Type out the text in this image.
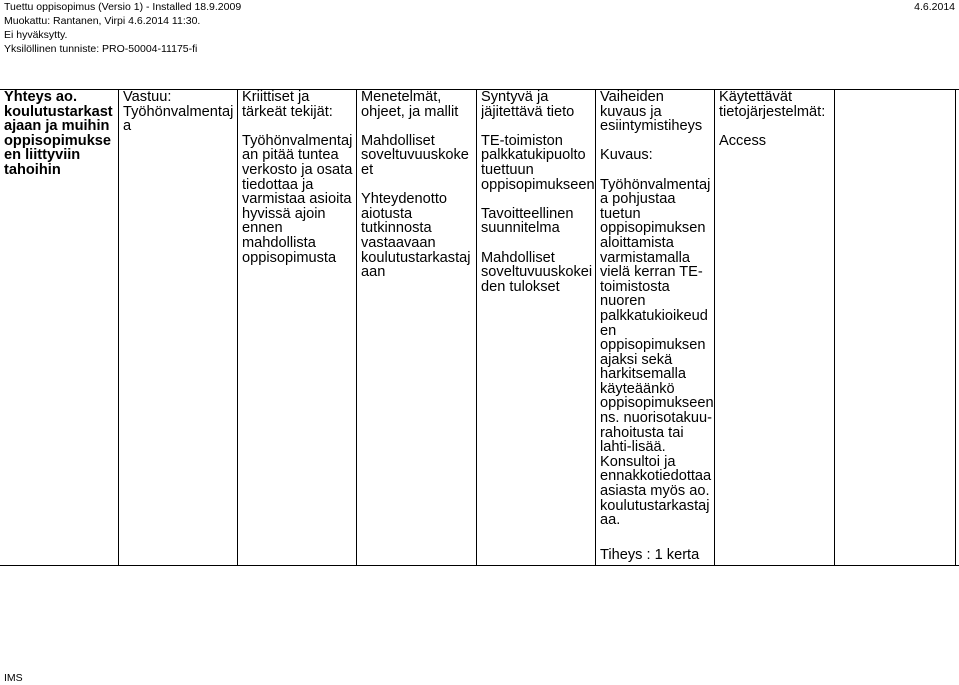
Tuettu oppisopimus (Versio 1) - Installed 18.9.2009
Muokattu: Rantanen, Virpi 4.6.2014 11:30.
Ei hyväksytty.
Yksilöllinen tunniste: PRO-50004-11175-fi
4.6.2014
Yhteys ao.
koulutustarkast
ajaan ja muihin
oppisopimukse
en liittyviin
tahoihin
Vastuu:
Työhönvalmentaj
a
Kriittiset ja
tärkeät tekijät:

Työhönvalmentaj
an pitää tuntea
verkosto ja osata
tiedottaa ja
varmistaa asioita
hyvissä ajoin
ennen
mahdollista
oppisopimusta
Menetelmät,
ohjeet, ja mallit

Mahdolliset
soveltuvuuskoke
et

Yhteydenotto
aiotusta
tutkinnosta
vastaavaan
koulutustarkastaj
aan
Syntyvä ja
jäjitettävä tieto

TE-toimiston
palkkatukipuolto
tuettuun
oppisopimukseen

Tavoitteellinen
suunnitelma

Mahdolliset
soveltuvuuskokei
den tulokset
Vaiheiden
kuvaus ja
esiintymistiheys

Kuvaus:

Työhönvalmentaj
a pohjustaa
tuetun
oppisopimuksen
aloittamista
varmistamalla
vielä kerran TE-
toimistosta
nuoren
palkkatukioikeud
en
oppisopimuksen
ajaksi sekä
harkitsemalla
käyteäänkö
oppisopimukseen
ns. nuorisotakuu-
rahoitusta tai
lahti-lisää.
Konsultoi ja
ennakkotiedottaa
asiasta myös ao.
koulutustarkastaj
aa.
Käytettävät
tietojärjestelmät:

Access
Tiheys : 1 kerta
IMS
